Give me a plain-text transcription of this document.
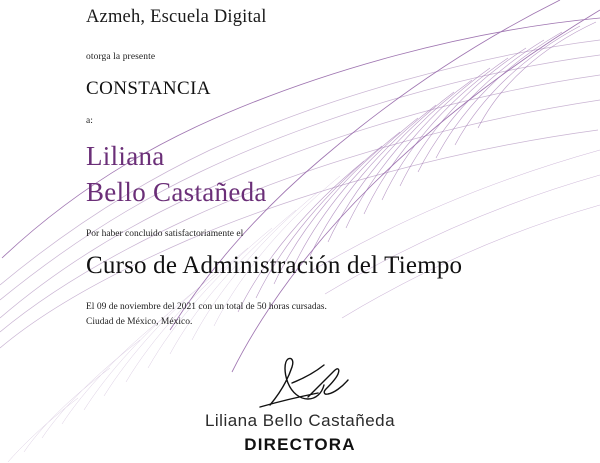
Azmeh, Escuela Digital
otorga la presente
CONSTANCIA
a:
Liliana
Bello Castañeda
Por haber concluido satisfactoriamente el
Curso de Administración del Tiempo
El 09 de noviembre del 2021 con un total de 50 horas cursadas.
Ciudad de México, México.
Liliana Bello Castañeda
DIRECTORA
